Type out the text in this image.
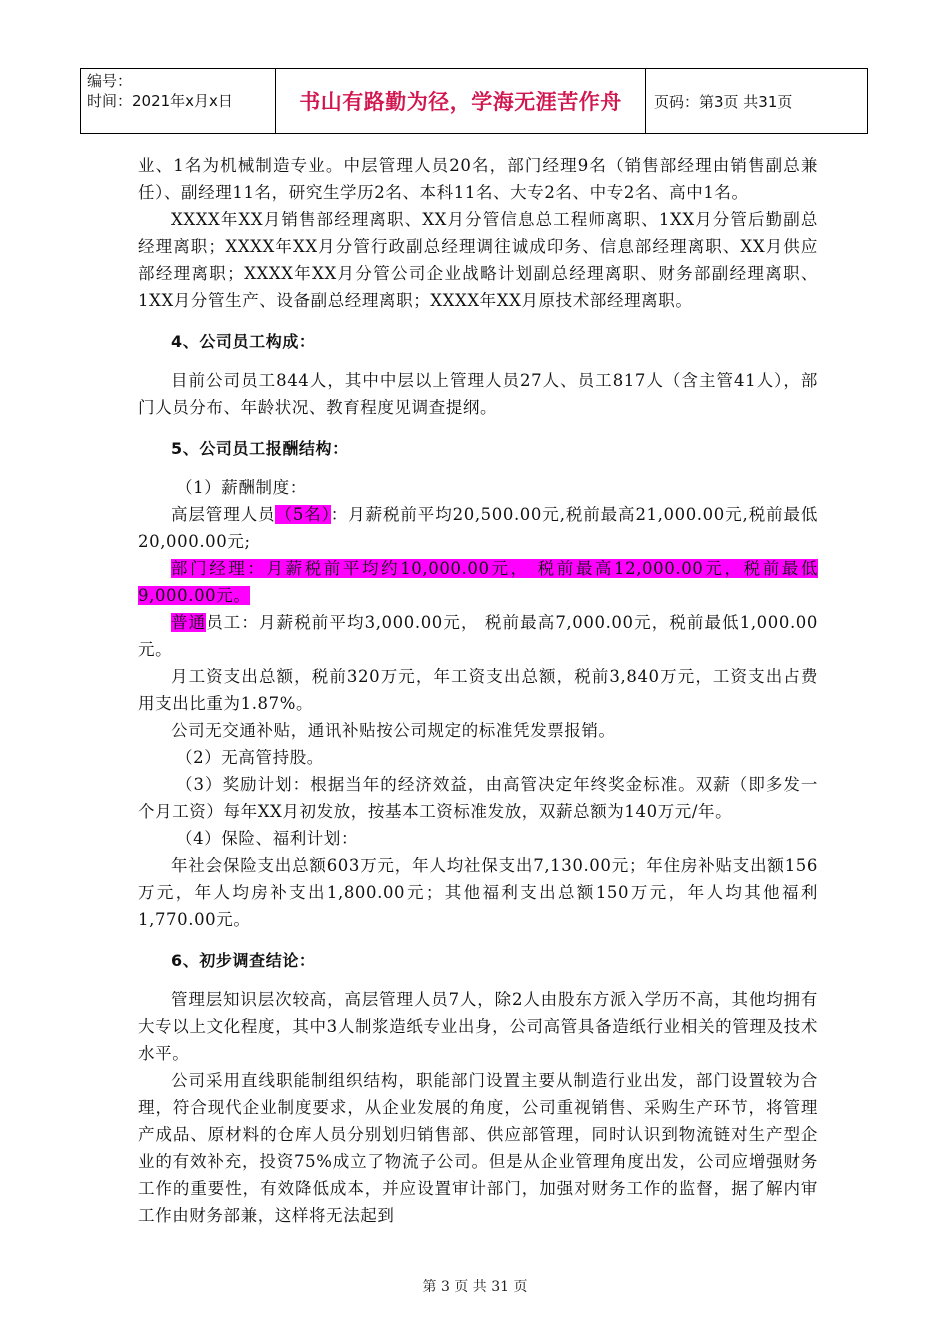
编号：
时间：2021年x月x日	书山有路勤为径，学海无涯苦作舟	页码：第3页 共31页

业、1名为机械制造专业。中层管理人员20名，部门经理9名（销售部经理由销售副总兼任）、副经理11名，研究生学历2名、本科11名、大专2名、中专2名、高中1名。

XXXX年XX月销售部经理离职、XX月分管信息总工程师离职、1XX月分管后勤副总经理离职；XXXX年XX月分管行政副总经理调往诚成印务、信息部经理离职、XX月供应部经理离职；XXXX年XX月分管公司企业战略计划副总经理离职、财务部副经理离职、1XX月分管生产、设备副总经理离职；XXXX年XX月原技术部经理离职。

4、公司员工构成：

目前公司员工844人，其中中层以上管理人员27人、员工817人（含主管41人），部门人员分布、年龄状况、教育程度见调查提纲。

5、公司员工报酬结构：

（1）薪酬制度：

高层管理人员（5名）：月薪税前平均20,500.00元,税前最高21,000.00元,税前最低20,000.00元;

部门经理：月薪税前平均约10,000.00元， 税前最高12,000.00元，税前最低9,000.00元。

普通员工：月薪税前平均3,000.00元， 税前最高7,000.00元，税前最低1,000.00元。

月工资支出总额，税前320万元，年工资支出总额，税前3,840万元，工资支出占费用支出比重为1.87%。

公司无交通补贴，通讯补贴按公司规定的标准凭发票报销。

（2）无高管持股。

（3）奖励计划：根据当年的经济效益，由高管决定年终奖金标准。双薪（即多发一个月工资）每年XX月初发放，按基本工资标准发放，双薪总额为140万元/年。

（4）保险、福利计划：

年社会保险支出总额603万元，年人均社保支出7,130.00元；年住房补贴支出额156万元，年人均房补支出1,800.00元；其他福利支出总额150万元，年人均其他福利 1,770.00元。

6、初步调查结论：

管理层知识层次较高，高层管理人员7人，除2人由股东方派入学历不高，其他均拥有大专以上文化程度，其中3人制浆造纸专业出身，公司高管具备造纸行业相关的管理及技术水平。

公司采用直线职能制组织结构，职能部门设置主要从制造行业出发，部门设置较为合理，符合现代企业制度要求，从企业发展的角度，公司重视销售、采购生产环节，将管理产成品、原材料的仓库人员分别划归销售部、供应部管理，同时认识到物流链对生产型企业的有效补充，投资75%成立了物流子公司。但是从企业管理角度出发，公司应增强财务工作的重要性，有效降低成本，并应设置审计部门，加强对财务工作的监督，据了解内审工作由财务部兼，这样将无法起到

第 3 页 共 31 页
